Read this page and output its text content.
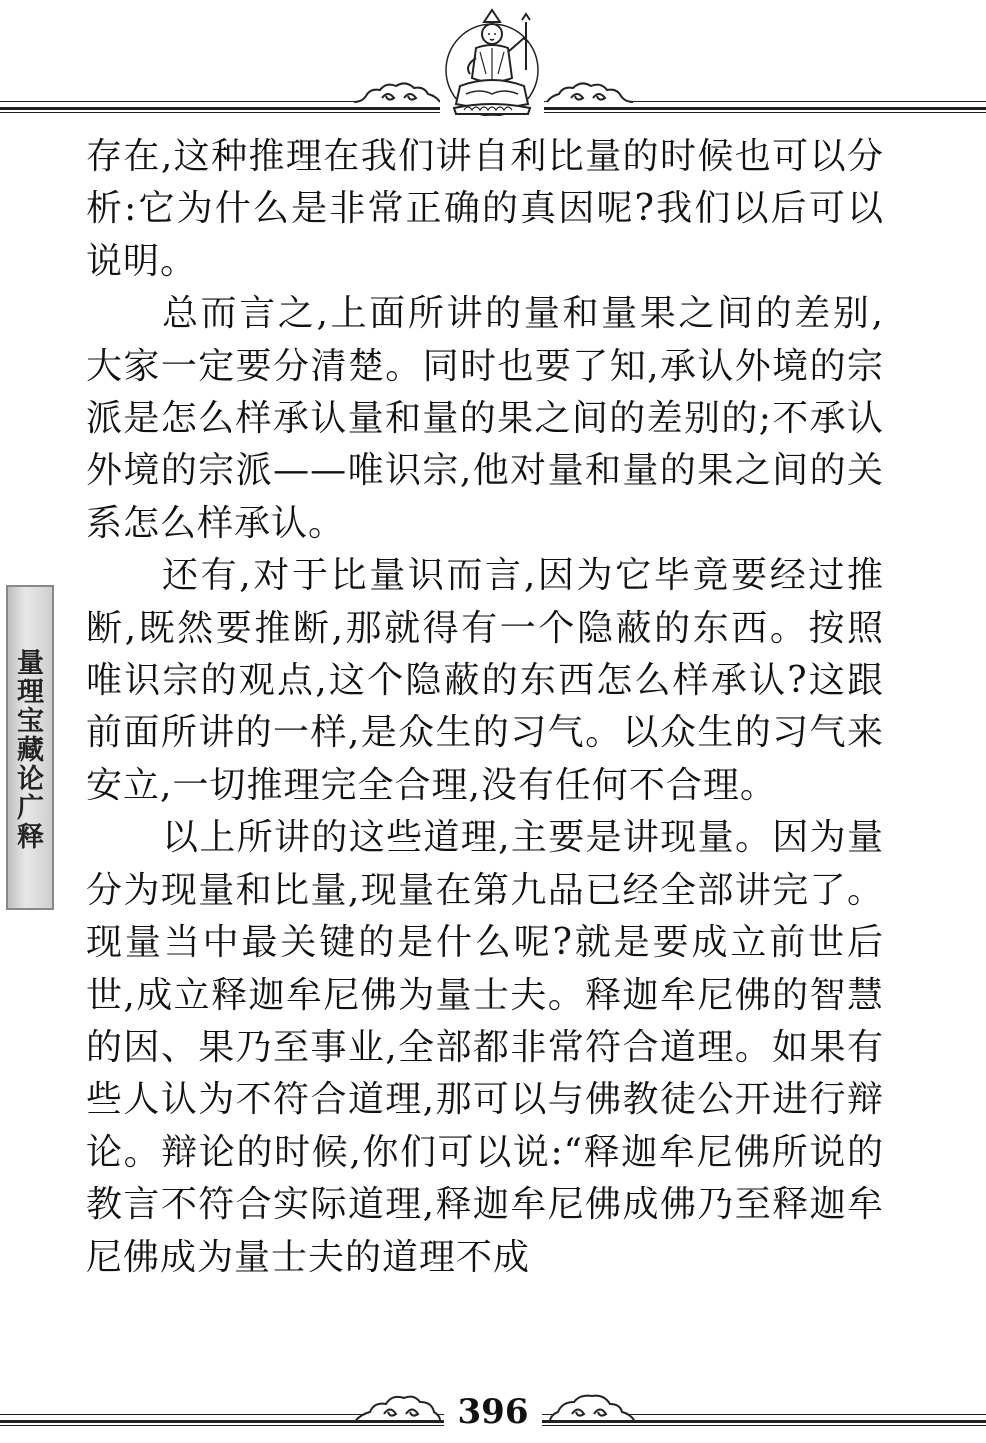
量理宝藏论广释

存在,这种推理在我们讲自利比量的时候也可以分析:它为什么是非常正确的真因呢?我们以后可以说明。

总而言之,上面所讲的量和量果之间的差别,大家一定要分清楚。同时也要了知,承认外境的宗派是怎么样承认量和量的果之间的差别的;不承认外境的宗派——唯识宗,他对量和量的果之间的关系怎么样承认。

还有,对于比量识而言,因为它毕竟要经过推断,既然要推断,那就得有一个隐蔽的东西。按照唯识宗的观点,这个隐蔽的东西怎么样承认?这跟前面所讲的一样,是众生的习气。以众生的习气来安立,一切推理完全合理,没有任何不合理。

以上所讲的这些道理,主要是讲现量。因为量分为现量和比量,现量在第九品已经全部讲完了。现量当中最关键的是什么呢?就是要成立前世后世,成立释迦牟尼佛为量士夫。释迦牟尼佛的智慧的因、果乃至事业,全部都非常符合道理。如果有些人认为不符合道理,那可以与佛教徒公开进行辩论。辩论的时候,你们可以说:“释迦牟尼佛所说的教言不符合实际道理,释迦牟尼佛成佛乃至释迦牟尼佛成为量士夫的道理不成

396
